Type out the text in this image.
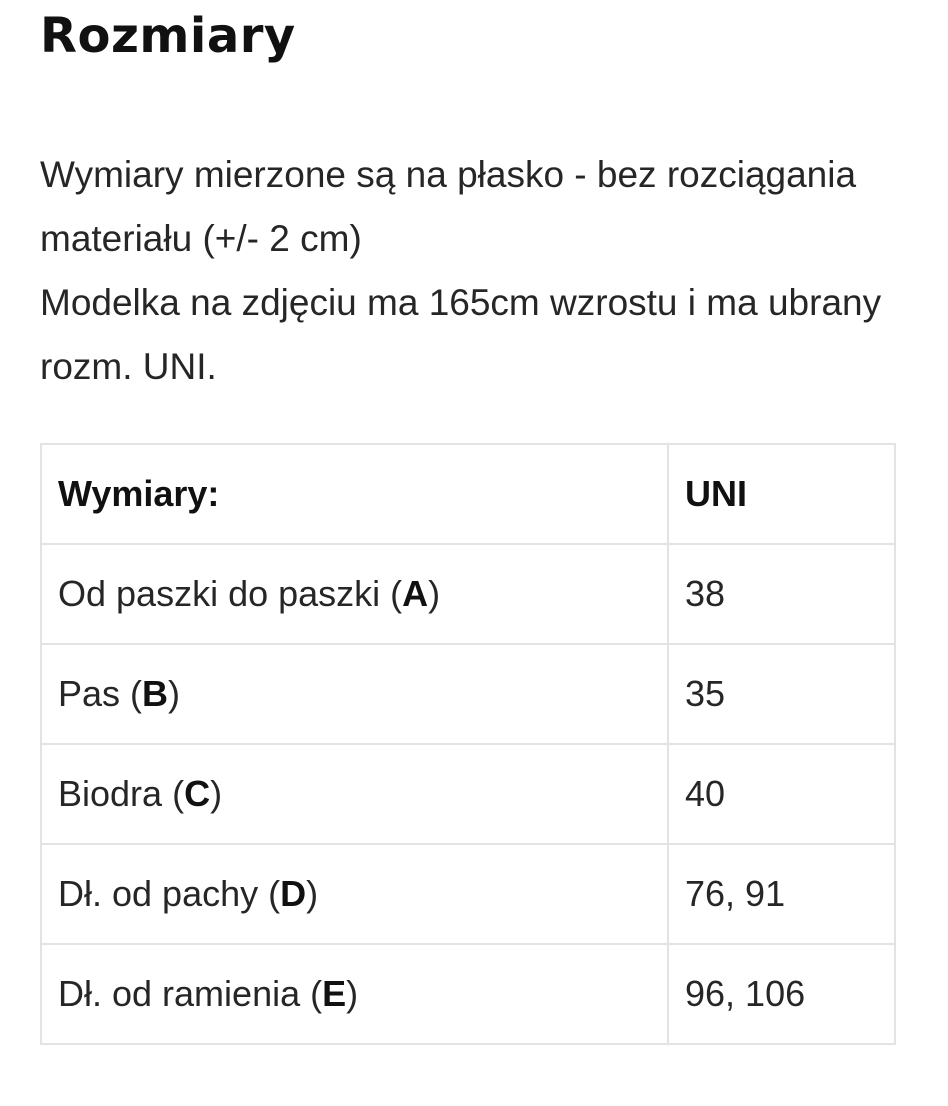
Rozmiary

Wymiary mierzone są na płasko - bez rozciągania materiału (+/- 2 cm)

Modelka na zdjęciu ma 165cm wzrostu i ma ubrany rozm. UNI.

Wymiary:	UNI
Od paszki do paszki (A)	38
Pas (B)	35
Biodra (C)	40
Dł. od pachy (D)	76, 91
Dł. od ramienia (E)	96, 106
